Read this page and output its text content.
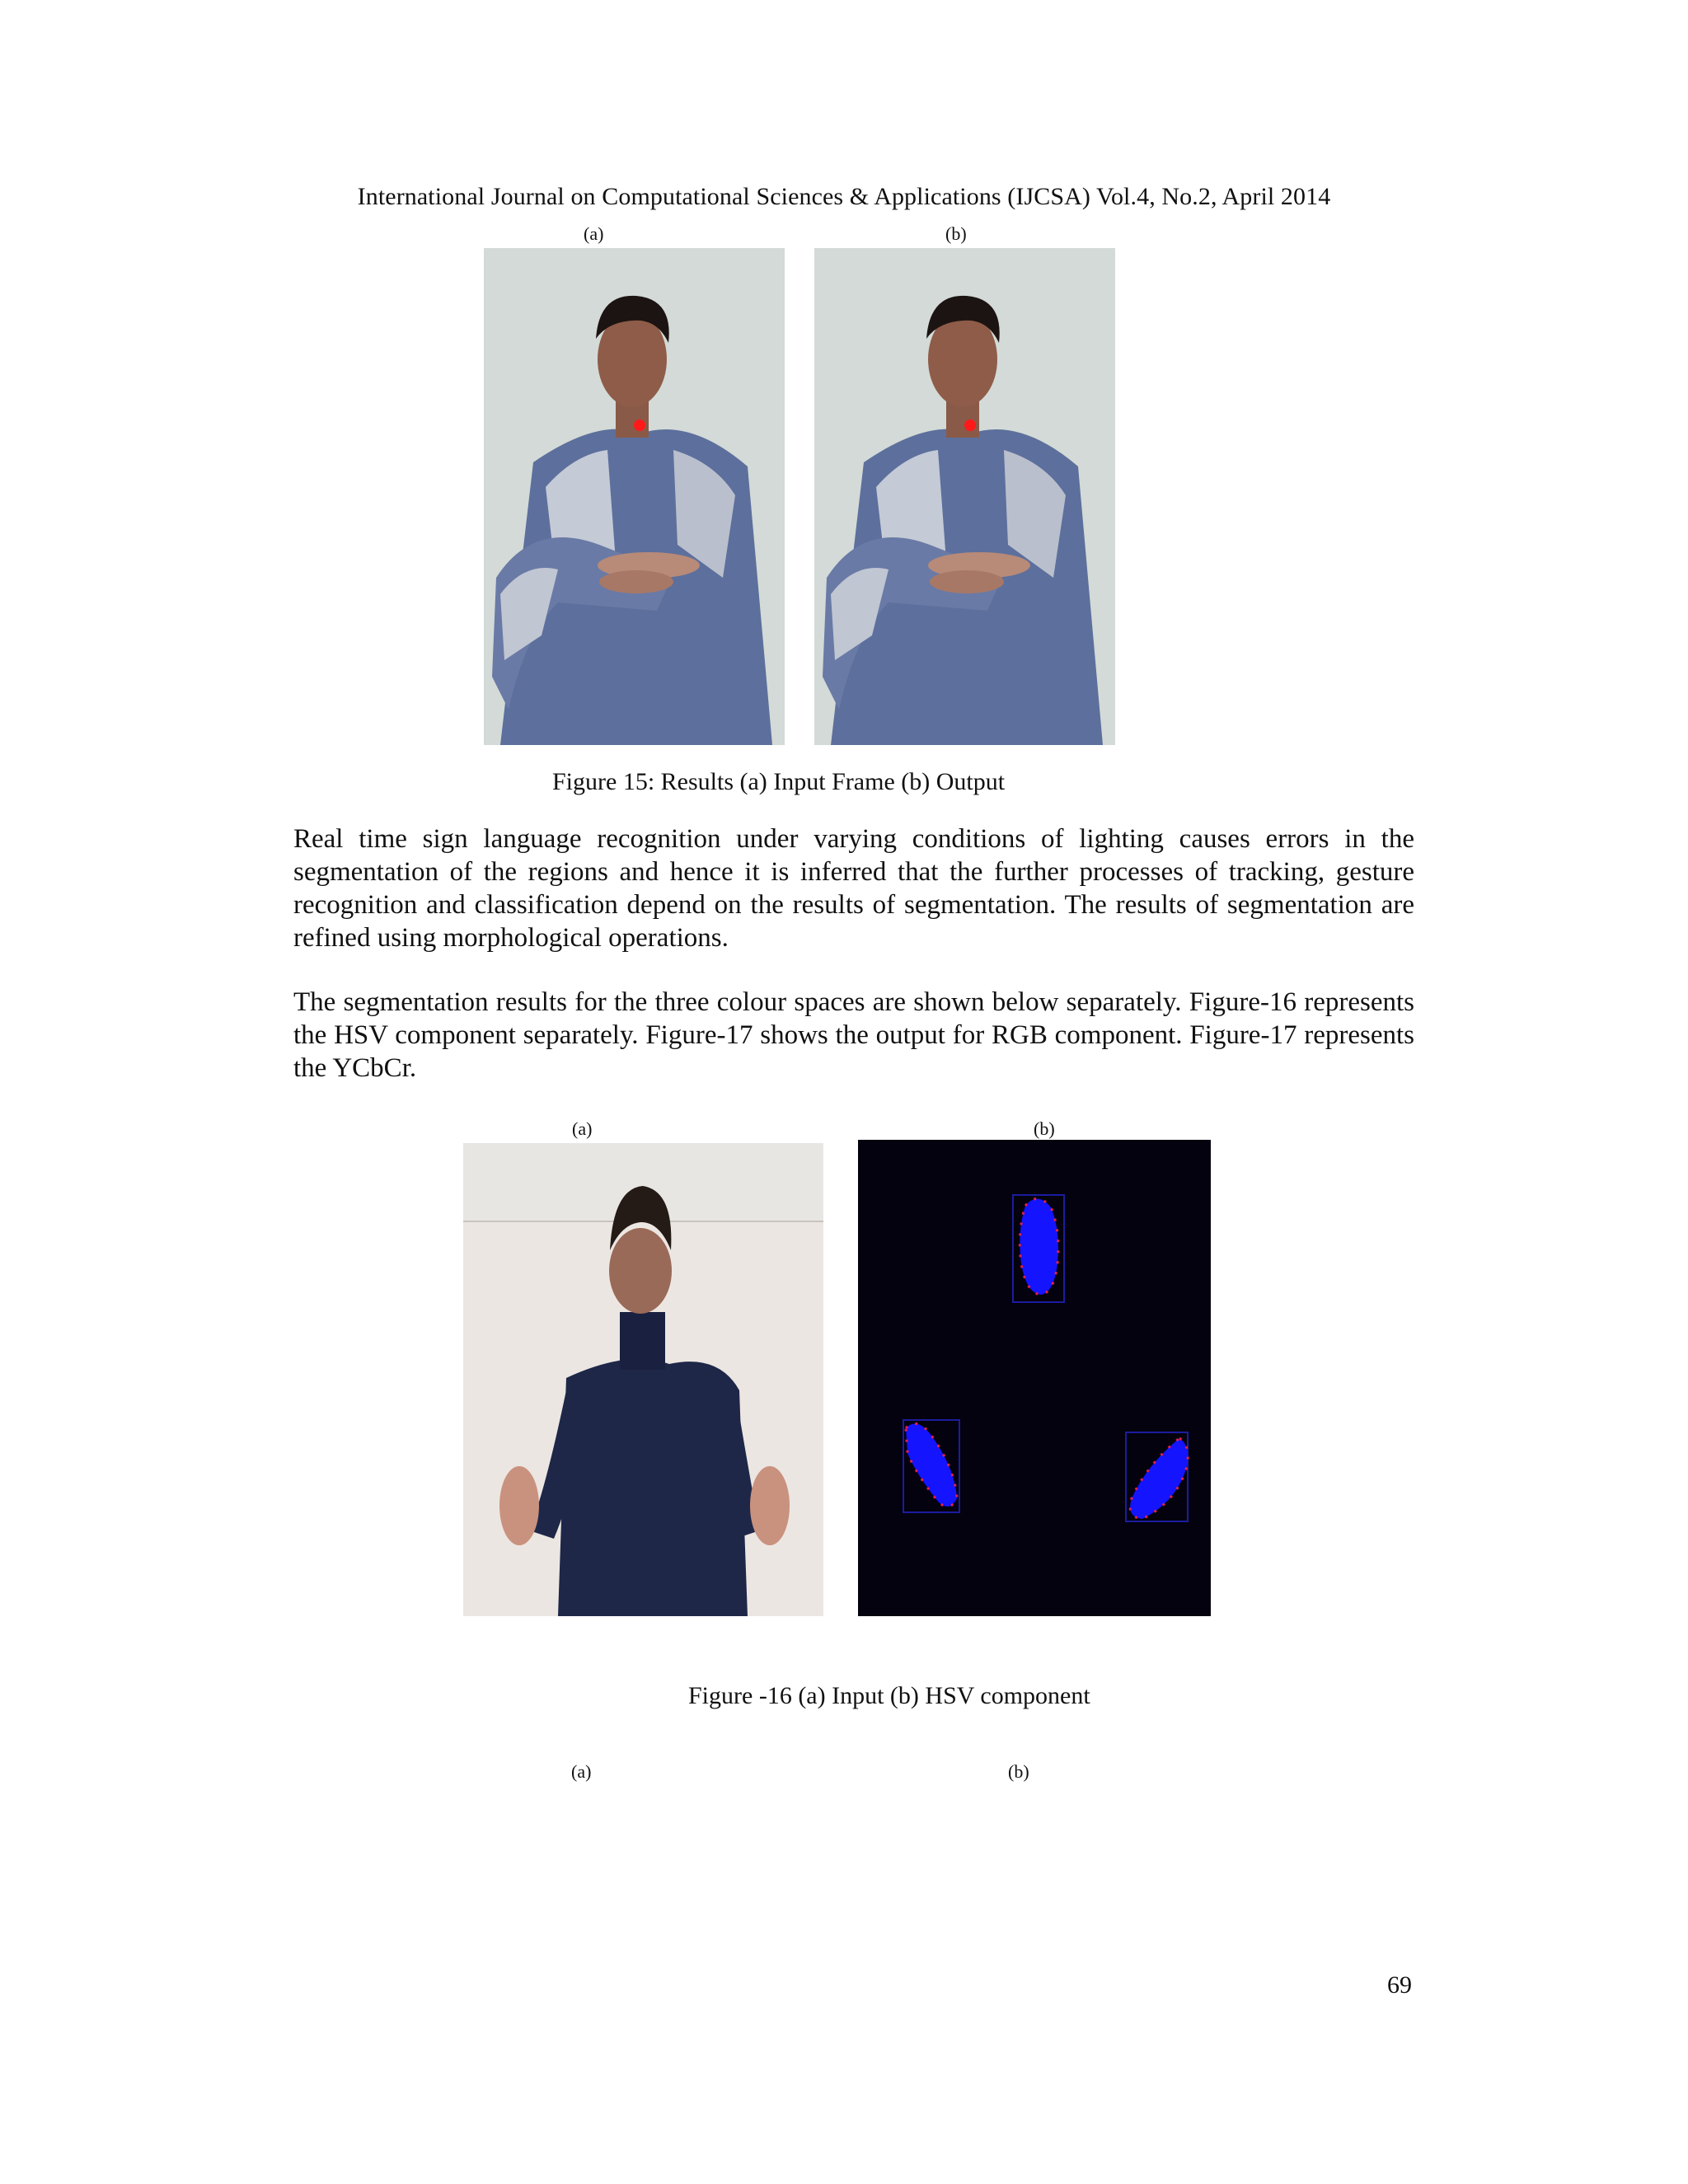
International Journal on Computational Sciences & Applications (IJCSA) Vol.4, No.2, April 2014
(a)	(b)
Figure 15: Results (a) Input Frame (b) Output
Real time sign language recognition under varying conditions of lighting causes errors in the segmentation of the regions and hence it is inferred that the further processes of tracking, gesture recognition and classification depend on the results of segmentation. The results of segmentation are refined using morphological operations.
The segmentation results for the three colour spaces are shown below separately. Figure-16 represents the HSV component separately. Figure-17 shows the output for RGB component. Figure-17 represents the YCbCr.
(a)	(b)
Figure -16 (a) Input (b) HSV component
(a)	(b)
69
